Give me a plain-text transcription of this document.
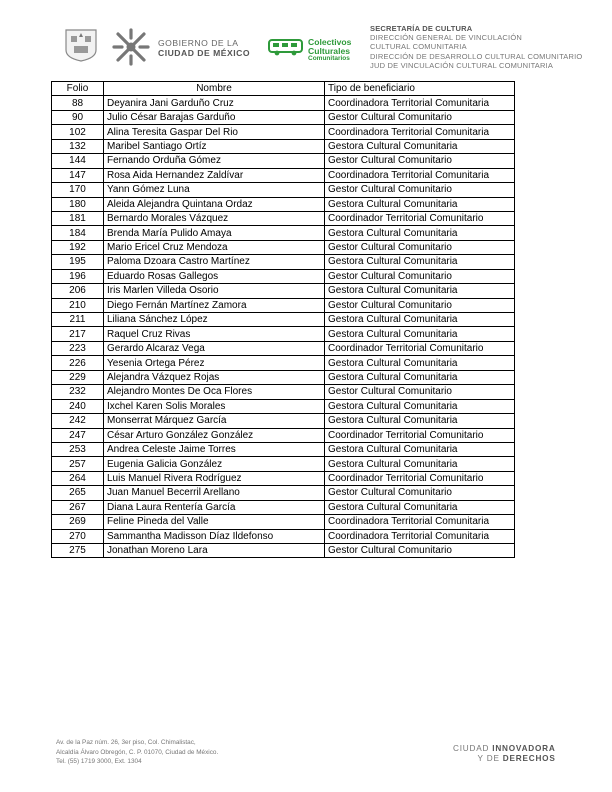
GOBIERNO DE LA
CIUDAD DE MÉXICO
Colectivos
Culturales
Comunitarios
SECRETARÍA DE CULTURA
DIRECCIÓN GENERAL DE VINCULACIÓN
CULTURAL COMUNITARIA
DIRECCIÓN DE DESARROLLO CULTURAL COMUNITARIO
JUD DE VINCULACIÓN CULTURAL COMUNITARIA
Folio	Nombre	Tipo de beneficiario
88	Deyanira Jani Garduño Cruz	Coordinadora Territorial Comunitaria
90	Julio César Barajas Garduño	Gestor Cultural Comunitario
102	Alina Teresita Gaspar Del Rio	Coordinadora Territorial Comunitaria
132	Maribel Santiago Ortíz	Gestora Cultural Comunitaria
144	Fernando Orduña Gómez	Gestor Cultural Comunitario
147	Rosa Aida Hernandez Zaldívar	Coordinadora Territorial Comunitaria
170	Yann Gómez Luna	Gestor Cultural Comunitario
180	Aleida Alejandra Quintana Ordaz	Gestora Cultural Comunitaria
181	Bernardo Morales Vázquez	Coordinador Territorial Comunitario
184	Brenda María Pulido Amaya	Gestora Cultural Comunitaria
192	Mario Ericel Cruz Mendoza	Gestor Cultural Comunitario
195	Paloma Dzoara Castro Martínez	Gestora Cultural Comunitaria
196	Eduardo Rosas Gallegos	Gestor Cultural Comunitario
206	Iris Marlen Villeda Osorio	Gestora Cultural Comunitaria
210	Diego Fernán Martínez Zamora	Gestor Cultural Comunitario
211	Liliana Sánchez López	Gestora Cultural Comunitaria
217	Raquel Cruz Rivas	Gestora Cultural Comunitaria
223	Gerardo Alcaraz Vega	Coordinador Territorial Comunitario
226	Yesenia Ortega Pérez	Gestora Cultural Comunitaria
229	Alejandra Vázquez Rojas	Gestora Cultural Comunitaria
232	Alejandro Montes De Oca Flores	Gestor Cultural Comunitario
240	Ixchel Karen Solis Morales	Gestora Cultural Comunitaria
242	Monserrat Márquez García	Gestora Cultural Comunitaria
247	César Arturo González González	Coordinador Territorial Comunitario
253	Andrea Celeste Jaime Torres	Gestora Cultural Comunitaria
257	Eugenia Galicia González	Gestora Cultural Comunitaria
264	Luis Manuel Rivera Rodríguez	Coordinador Territorial Comunitario
265	Juan Manuel Becerril Arellano	Gestor Cultural Comunitario
267	Diana Laura Rentería García	Gestora Cultural Comunitaria
269	Feline Pineda del Valle	Coordinadora Territorial Comunitaria
270	Sammantha Madisson Díaz Ildefonso	Coordinadora Territorial Comunitaria
275	Jonathan Moreno Lara	Gestor Cultural Comunitario
Av. de la Paz núm. 26, 3er piso, Col. Chimalistac,
Alcaldía Álvaro Obregón, C. P. 01070, Ciudad de México.
Tel. (55) 1719 3000, Ext. 1304
CIUDAD INNOVADORA
Y DE DERECHOS
